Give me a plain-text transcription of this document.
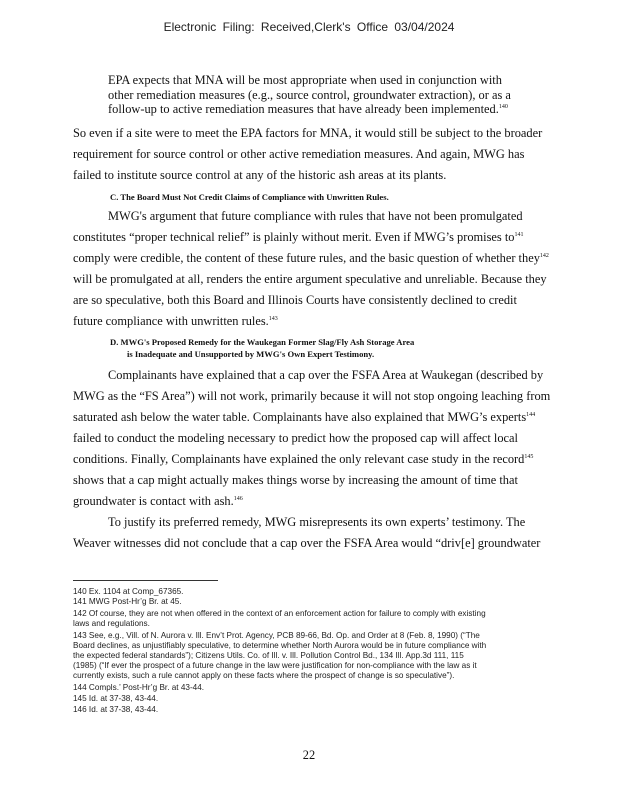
Electronic Filing: Received,Clerk's Office 03/04/2024
EPA expects that MNA will be most appropriate when used in conjunction with
other remediation measures (e.g., source control, groundwater extraction), or as a
follow-up to active remediation measures that have already been implemented.$^{140}$
So even if a site were to meet the EPA factors for MNA, it would still be subject to the broader
requirement for source control or other active remediation measures. And again, MWG has
failed to institute source control at any of the historic ash areas at its plants.
C. The Board Must Not Credit Claims of Compliance with Unwritten Rules.
MWG's argument that future compliance with rules that have not been promulgated
constitutes “proper technical relief” is plainly without merit. Even if MWG’s promises $to^{141}$
comply were credible, the content of these future rules, and the basic question of whether they$^{142}$
will be promulgated at all, renders the entire argument speculative and unreliable. Because they
are so speculative, both this Board and Illinois Courts have consistently declined to credit
future compliance with unwritten rules.$^{143}$
D. MWG's Proposed Remedy for the Waukegan Former Slag/Fly Ash Storage Area
is Inadequate and Unsupported by MWG's Own Expert Testimony.
Complainants have explained that a cap over the FSFA Area at Waukegan (described by
MWG as the “FS Area”) will not work, primarily because it will not stop ongoing leaching from
saturated ash below the water table. Complainants have also explained that MWG’s experts$^{144}$
failed to conduct the modeling necessary to predict how the proposed cap will affect local
conditions. Finally, Complainants have explained the only relevant case study in the record$^{145}$
shows that a cap might actually makes things worse by increasing the amount of time that
groundwater is contact with ash.$^{146}$
To justify its preferred remedy, MWG misrepresents its own experts’ testimony. The
Weaver witnesses did not conclude that a cap over the FSFA Area would “driv[e] groundwater
140 Ex. 1104 at Comp_67365.
141 MWG Post-Hr’g Br. at 45.
142 Of course, they are not when offered in the context of an enforcement action for failure to comply with existing
laws and regulations.
143 See, e.g., Vill. of N. Aurora v. Ill. Env’t Prot. Agency, PCB 89-66, Bd. Op. and Order at 8 (Feb. 8, 1990) (“The
Board declines, as unjustifiably speculative, to determine whether North Aurora would be in future compliance with
the expected federal standards”); Citizens Utils. Co. of Ill. v. Ill. Pollution Control Bd., 134 Ill. App.3d 111, 115
(1985) (“If ever the prospect of a future change in the law were justification for non-compliance with the law as it
currently exists, such a rule cannot apply on these facts where the prospect of change is so speculative”).
144 Compls.’ Post-Hr’g Br. at 43-44.
145 Id. at 37-38, 43-44.
146 Id. at 37-38, 43-44.
22
